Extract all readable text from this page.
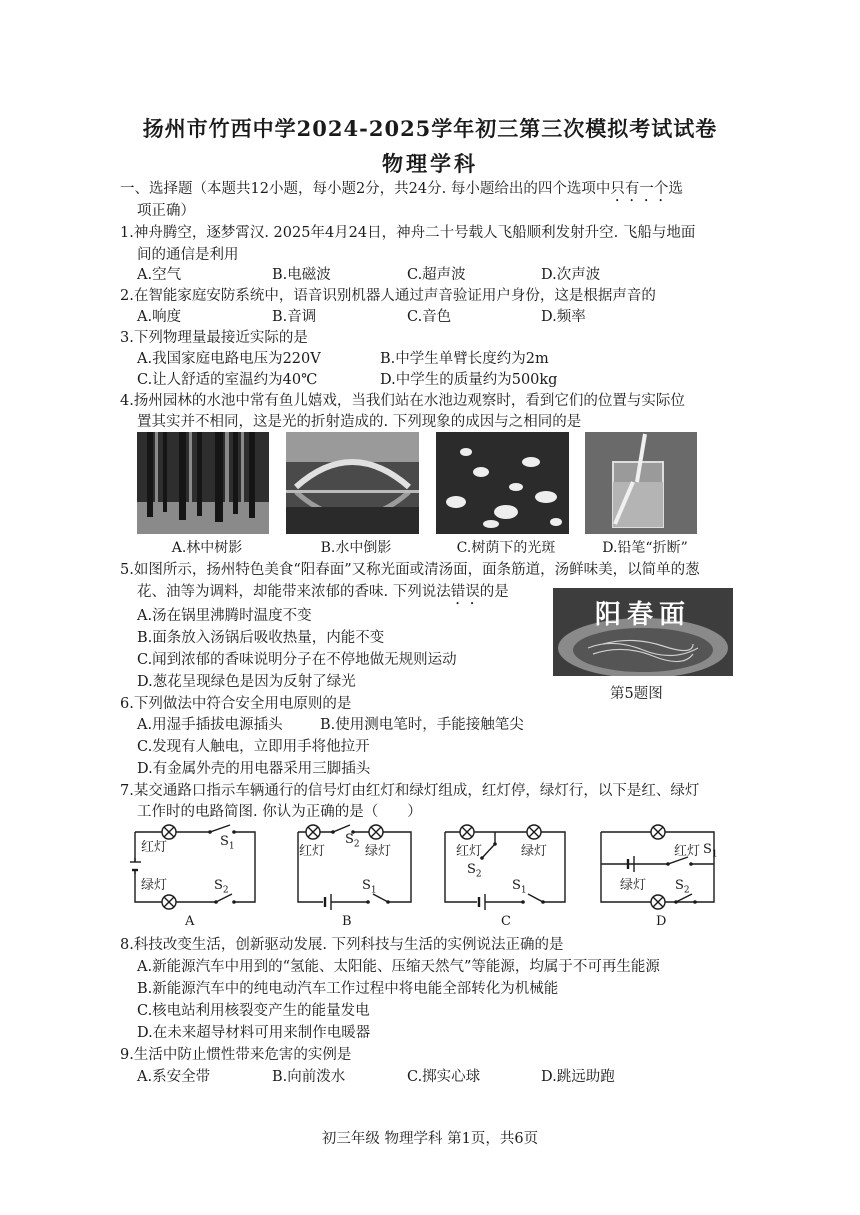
扬州市竹西中学2024-2025学年初三第三次模拟考试试卷
物理学科
一、选择题（本题共12小题，每小题2分，共24分. 每小题给出的四个选项中只有一个选
项正确）
1.神舟腾空，逐梦霄汉. 2025年4月24日，神舟二十号载人飞船顺利发射升空. 飞船与地面
间的通信是利用
A.空气	B.电磁波	C.超声波	D.次声波
2.在智能家庭安防系统中，语音识别机器人通过声音验证用户身份，这是根据声音的
A.响度	B.音调	C.音色	D.频率
3.下列物理量最接近实际的是
A.我国家庭电路电压为220V	B.中学生单臂长度约为2m
C.让人舒适的室温约为40℃	D.中学生的质量约为500kg
4.扬州园林的水池中常有鱼儿嬉戏，当我们站在水池边观察时，看到它们的位置与实际位
置其实并不相同，这是光的折射造成的. 下列现象的成因与之相同的是
A.林中树影	B.水中倒影	C.树荫下的光斑	D.铅笔“折断”
5.如图所示，扬州特色美食“阳春面”又称光面或清汤面，面条筋道，汤鲜味美，以简单的葱
花、油等为调料，却能带来浓郁的香味. 下列说法错误的是
A.汤在锅里沸腾时温度不变
B.面条放入汤锅后吸收热量，内能不变
C.闻到浓郁的香味说明分子在不停地做无规则运动
D.葱花呈现绿色是因为反射了绿光
阳春面
第5题图
6.下列做法中符合安全用电原则的是
A.用湿手插拔电源插头	B.使用测电笔时，手能接触笔尖
C.发现有人触电，立即用手将他拉开
D.有金属外壳的用电器采用三脚插头
7.某交通路口指示车辆通行的信号灯由红灯和绿灯组成，红灯停，绿灯行，以下是红、绿灯
工作时的电路简图. 你认为正确的是（　　）
红灯
绿灯
$S_1$
$S_2$
A
红灯	绿灯
$S_2$
$S_1$
B
红灯	绿灯
$S_2$
$S_1$
C
红灯
绿灯
$S_1$
$S_2$
D
8.科技改变生活，创新驱动发展. 下列科技与生活的实例说法正确的是
A.新能源汽车中用到的“氢能、太阳能、压缩天然气”等能源，均属于不可再生能源
B.新能源汽车中的纯电动汽车工作过程中将电能全部转化为机械能
C.核电站利用核裂变产生的能量发电
D.在未来超导材料可用来制作电暖器
9.生活中防止惯性带来危害的实例是
A.系安全带	B.向前泼水	C.掷实心球	D.跳远助跑
初三年级 物理学科 第1页，共6页
